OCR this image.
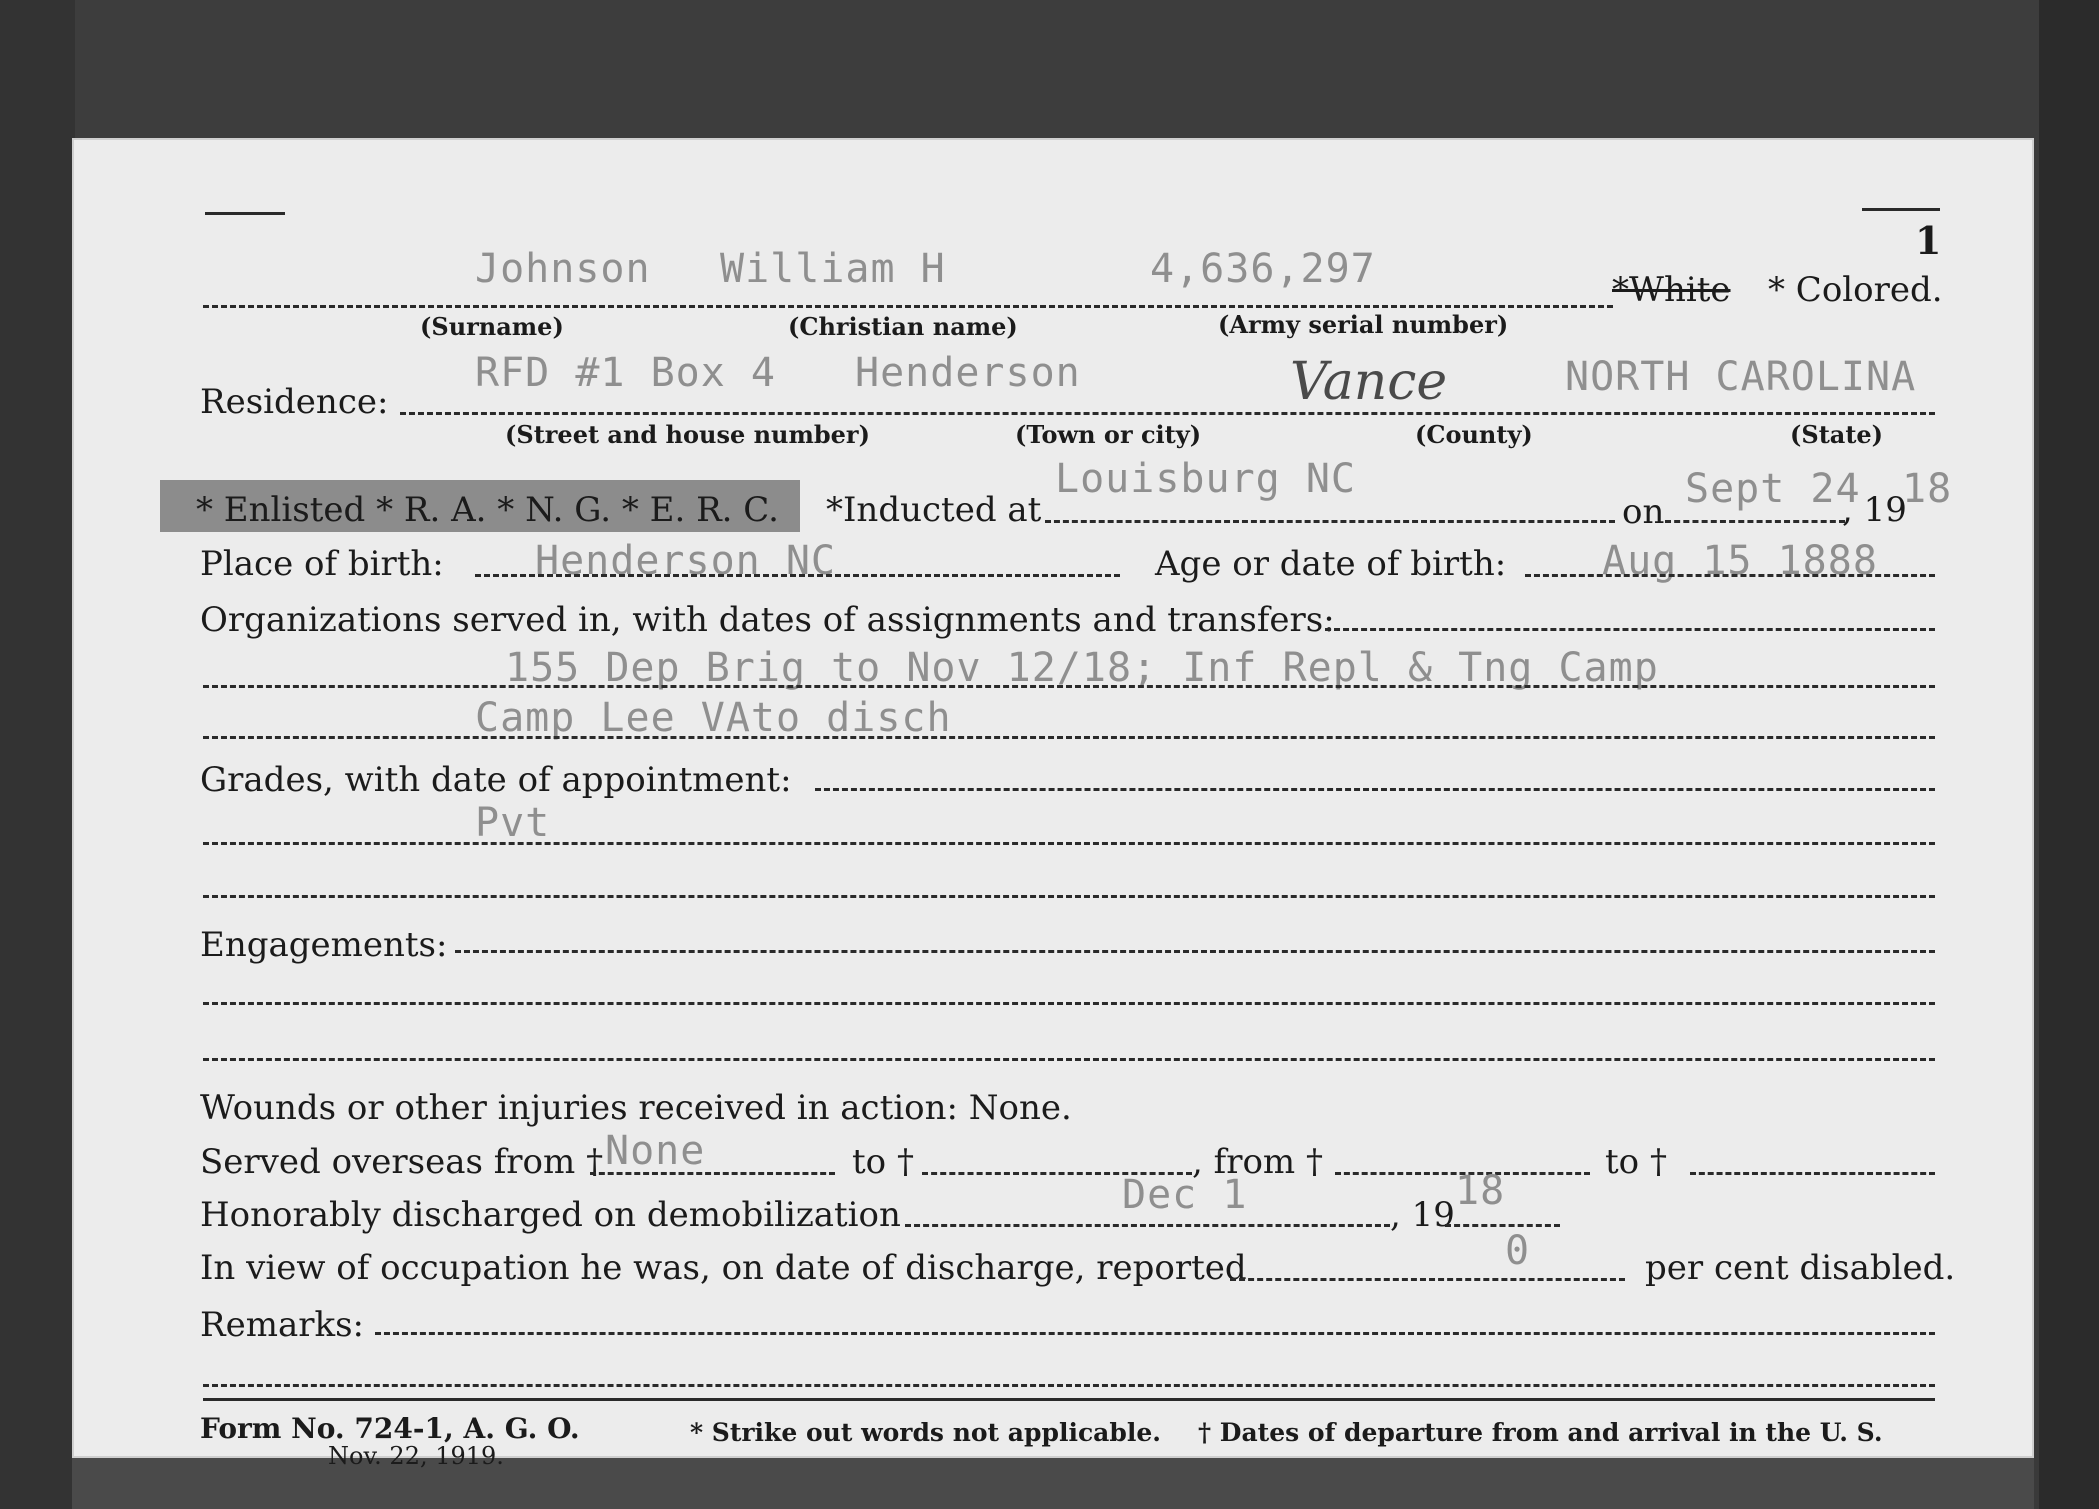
1
Johnson William H	4,636,297	*White * Colored.
(Surname)	(Christian name)	(Army serial number)
Residence:
RFD #1 Box 4 Henderson	Vance	NORTH CAROLINA
(Street and house number)	(Town or city)	(County)	(State)
* Enlisted * R. A. * N. G. * E. R. C. *Inducted at
Louisburg NC
on Sept 24
, 19
18
Place of birth: Henderson NC	Age or date of birth: Aug 15 1888
Organizations served in, with dates of assignments and transfers:
155 Dep Brig to Nov 12/18; Inf Repl & Tng Camp
Camp Lee VAto disch
Grades, with date of appointment:
Pvt
Engagements:
Wounds or other injuries received in action: None.
Served overseas from † None	to †	, from †	to †
Honorably discharged on demobilization	Dec 1	, 19
18
In view of occupation he was, on date of discharge, reported	0	per cent disabled.
Remarks:
Form No. 724-1, A. G. O.
Nov. 22, 1919.
* Strike out words not applicable. † Dates of departure from and arrival in the U. S.
